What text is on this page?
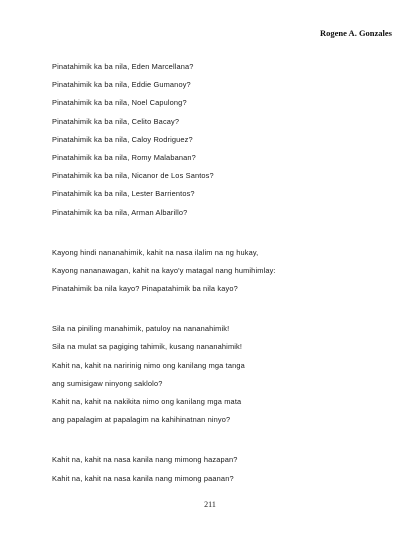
Rogene A. Gonzales
Pinatahimik ka ba nila, Eden Marcellana?
Pinatahimik ka ba nila, Eddie Gumanoy?
Pinatahimik ka ba nila, Noel Capulong?
Pinatahimik ka ba nila, Celito Bacay?
Pinatahimik ka ba nila, Caloy Rodriguez?
Pinatahimik ka ba nila, Romy Malabanan?
Pinatahimik ka ba nila, Nicanor de Los Santos?
Pinatahimik ka ba nila, Lester Barrientos?
Pinatahimik ka ba nila, Arman Albarillo?
Kayong hindi nananahimik, kahit na nasa ilalim na ng hukay,
Kayong nananawagan, kahit na kayo'y matagal nang humihimlay:
Pinatahimik ba nila kayo? Pinapatahimik ba nila kayo?
Sila na piniling manahimik, patuloy na nananahimik!
Sila na mulat sa pagiging tahimik, kusang nananahimik!
Kahit na, kahit na naririnig nimo ong kanilang mga tanga
ang sumisigaw ninyong saklolo?
Kahit na, kahit na nakikita nimo ong kanilang mga mata
ang papalagim at papalagim na kahihinatnan ninyo?
Kahit na, kahit na nasa kanila nang mimong hazapan?
Kahit na, kahit na nasa kanila nang mimong paanan?
211
